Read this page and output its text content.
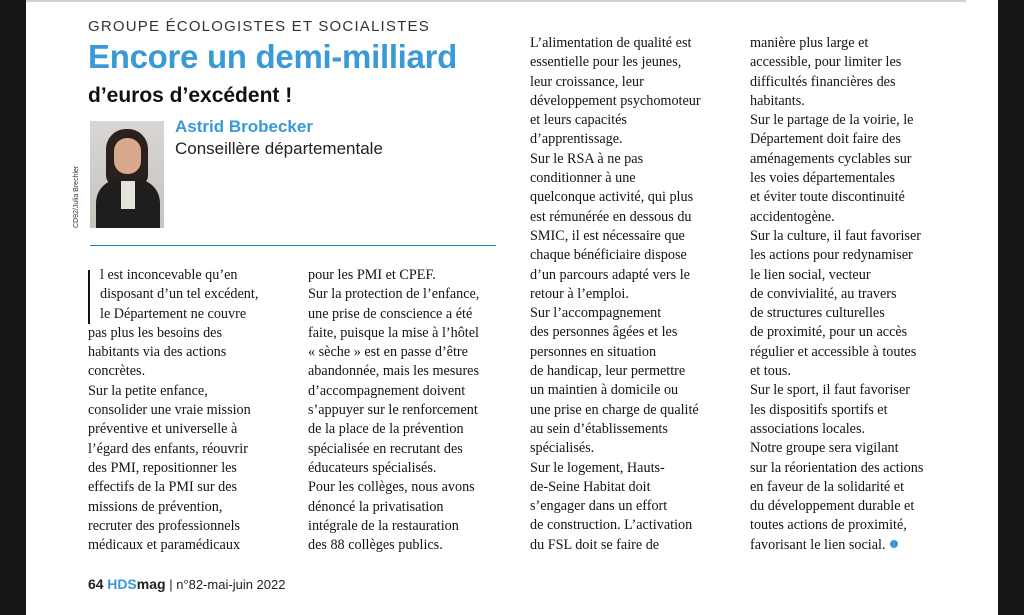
GROUPE ÉCOLOGISTES ET SOCIALISTES
Encore un demi-milliard
d’euros d’excédent !
CD92/Julia Brechler
Astrid Brobecker
Conseillère départementale

l est inconcevable qu’en

disposant d’un tel excédent,

le Département ne couvre

pas plus les besoins des

habitants via des actions

concrètes.

Sur la petite enfance,

consolider une vraie mission

préventive et universelle à

l’égard des enfants, réouvrir

des PMI, repositionner les

effectifs de la PMI sur des

missions de prévention,

recruter des professionnels

médicaux et paramédicaux

pour les PMI et CPEF.

Sur la protection de l’enfance,

une prise de conscience a été

faite, puisque la mise à l’hôtel

« sèche » est en passe d’être

abandonnée, mais les mesures

d’accompagnement doivent

s’appuyer sur le renforcement

de la place de la prévention

spécialisée en recrutant des

éducateurs spécialisés.

Pour les collèges, nous avons

dénoncé la privatisation

intégrale de la restauration

des 88 collèges publics.

L’alimentation de qualité est

essentielle pour les jeunes,

leur croissance, leur

développement psychomoteur

et leurs capacités

d’apprentissage.

Sur le RSA à ne pas

conditionner à une

quelconque activité, qui plus

est rémunérée en dessous du

SMIC, il est nécessaire que

chaque bénéficiaire dispose

d’un parcours adapté vers le

retour à l’emploi.

Sur l’accompagnement

des personnes âgées et les

personnes en situation

de handicap, leur permettre

un maintien à domicile ou

une prise en charge de qualité

au sein d’établissements

spécialisés.

Sur le logement, Hauts-

de-Seine Habitat doit

s’engager dans un effort

de construction. L’activation

du FSL doit se faire de

manière plus large et

accessible, pour limiter les

difficultés financières des

habitants.

Sur le partage de la voirie, le

Département doit faire des

aménagements cyclables sur

les voies départementales

et éviter toute discontinuité

accidentogène.

Sur la culture, il faut favoriser

les actions pour redynamiser

le lien social, vecteur

de convivialité, au travers

de structures culturelles

de proximité, pour un accès

régulier et accessible à toutes

et tous.

Sur le sport, il faut favoriser

les dispositifs sportifs et

associations locales.

Notre groupe sera vigilant

sur la réorientation des actions

en faveur de la solidarité et

du développement durable et

toutes actions de proximité,

favorisant le lien social.

64 HDSmag | n°82-mai-juin 2022
